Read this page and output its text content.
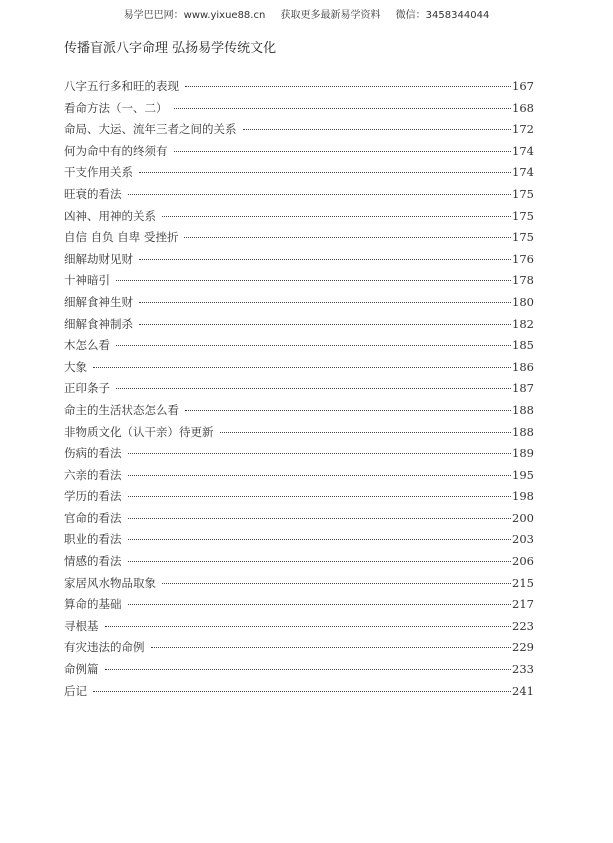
易学巴巴网：www.yixue88.cn 获取更多最新易学资料 微信：3458344044
传播盲派八字命理 弘扬易学传统文化
八字五行多和旺的表现	167
看命方法（一、二）	168
命局、大运、流年三者之间的关系	172
何为命中有的终须有	174
干支作用关系	174
旺衰的看法	175
凶神、用神的关系	175
自信 自负 自卑 受挫折	175
细解劫财见财	176
十神暗引	178
细解食神生财	180
细解食神制杀	182
木怎么看	185
大象	186
正印条子	187
命主的生活状态怎么看	188
非物质文化（认干亲）待更新	188
伤病的看法	189
六亲的看法	195
学历的看法	198
官命的看法	200
职业的看法	203
情感的看法	206
家居风水物品取象	215
算命的基础	217
寻根基	223
有灾违法的命例	229
命例篇	233
后记	241
